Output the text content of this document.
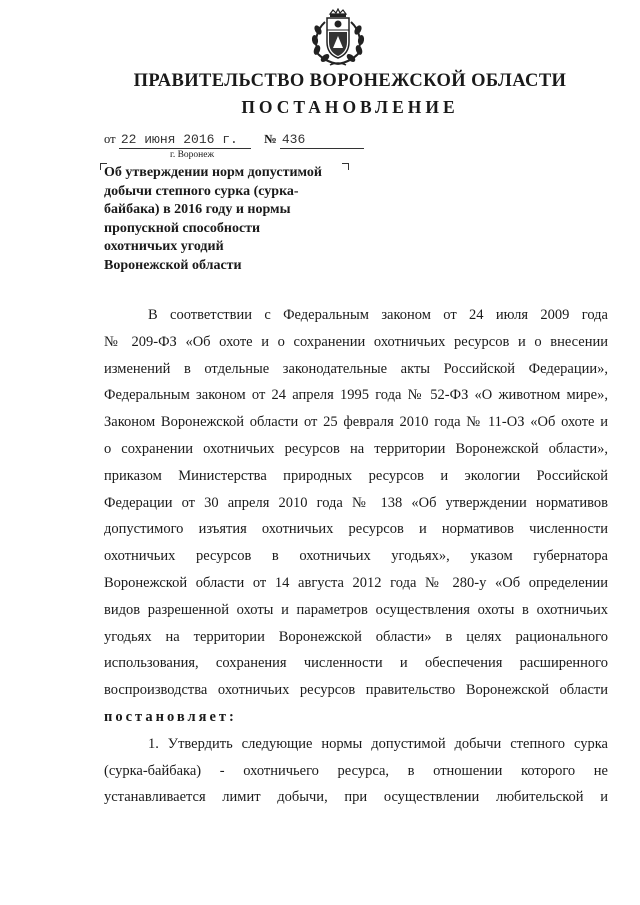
ПРАВИТЕЛЬСТВО ВОРОНЕЖСКОЙ ОБЛАСТИ
ПОСТАНОВЛЕНИЕ
от 22 июня 2016 г. № 436
г. Воронеж
Об утверждении норм допустимой
добычи степного сурка (сурка-
байбака) в 2016 году и нормы
пропускной способности
охотничьих угодий
Воронежской области
В соответствии с Федеральным законом от 24 июля 2009 года
№ 209-ФЗ «Об охоте и о сохранении охотничьих ресурсов и о внесении
изменений в отдельные законодательные акты Российской Федерации»,
Федеральным законом от 24 апреля 1995 года № 52-ФЗ «О животном мире»,
Законом Воронежской области от 25 февраля 2010 года № 11-ОЗ «Об охоте и
о сохранении охотничьих ресурсов на территории Воронежской области»,
приказом Министерства природных ресурсов и экологии Российской
Федерации от 30 апреля 2010 года № 138 «Об утверждении нормативов
допустимого изъятия охотничьих ресурсов и нормативов численности
охотничьих ресурсов в охотничьих угодьях», указом губернатора
Воронежской области от 14 августа 2012 года № 280-у «Об определении
видов разрешенной охоты и параметров осуществления охоты в охотничьих
угодьях на территории Воронежской области» в целях рационального
использования, сохранения численности и обеспечения расширенного
воспроизводства охотничьих ресурсов правительство Воронежской области
постановляет:
1. Утвердить следующие нормы допустимой добычи степного сурка
(сурка-байбака) - охотничьего ресурса, в отношении которого не
устанавливается лимит добычи, при осуществлении любительской и
